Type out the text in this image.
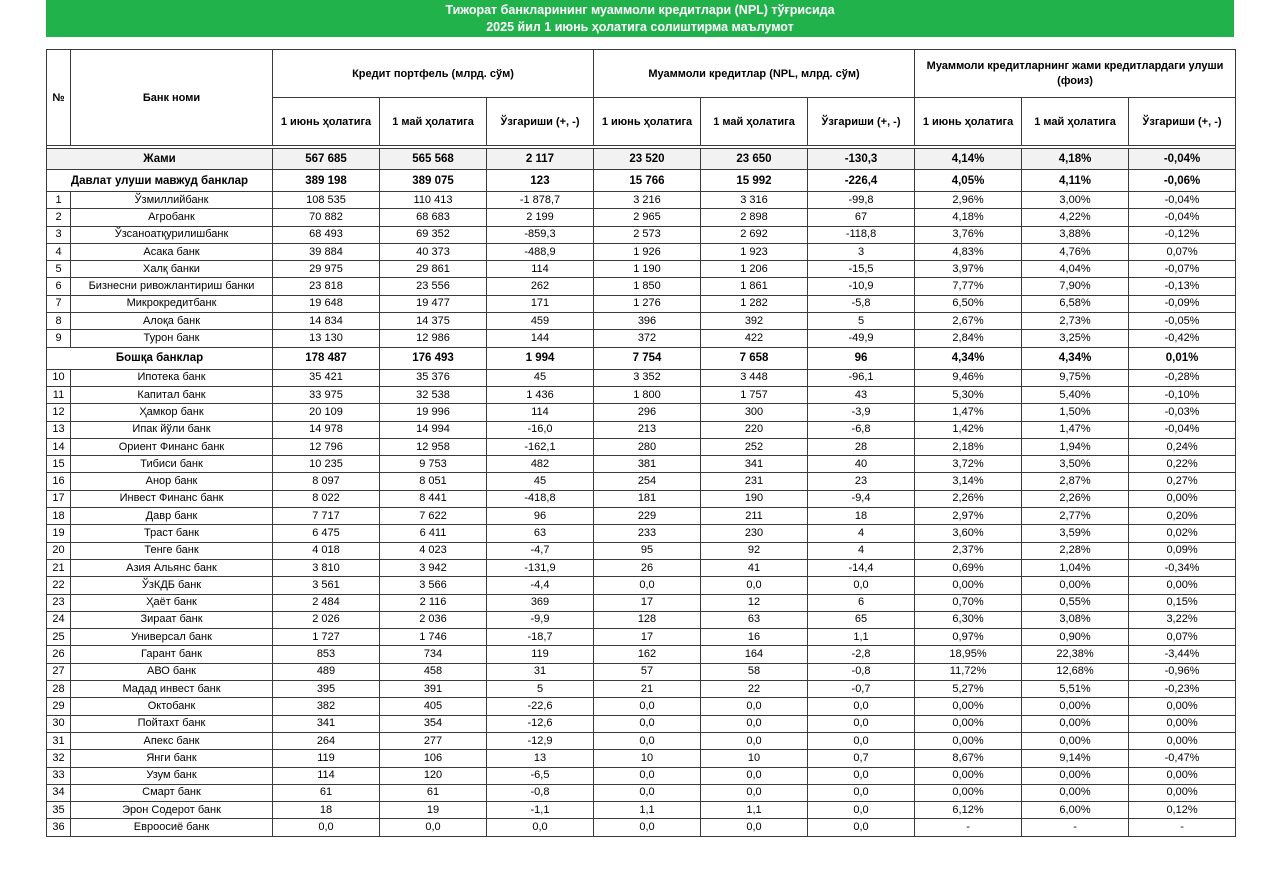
Тижорат банкларининг муаммоли кредитлари (NPL) тўғрисида
2025 йил 1 июнь ҳолатига солиштирма маълумот
№	Банк номи	Кредит портфель (млрд. сўм)			Муаммоли кредитлар (NPL, млрд. сўм)			Муаммоли кредитларнинг жами кредитлардаги улуши (фоиз)		
		1 июнь ҳолатига	1 май ҳолатига	Ўзгариши (+, -)	1 июнь ҳолатига	1 май ҳолатига	Ўзгариши (+, -)	1 июнь ҳолатига	1 май ҳолатига	Ўзгариши (+, -)

Жами		567 685	565 568	2 117	23 520	23 650	-130,3	4,14%	4,18%	-0,04%
Давлат улуши мавжуд банклар		389 198	389 075	123	15 766	15 992	-226,4	4,05%	4,11%	-0,06%
1	Ўзмиллийбанк	108 535	110 413	-1 878,7	3 216	3 316	-99,8	2,96%	3,00%	-0,04%
2	Агробанк	70 882	68 683	2 199	2 965	2 898	67	4,18%	4,22%	-0,04%
3	Ўзсаноатқурилишбанк	68 493	69 352	-859,3	2 573	2 692	-118,8	3,76%	3,88%	-0,12%
4	Асака банк	39 884	40 373	-488,9	1 926	1 923	3	4,83%	4,76%	0,07%
5	Халқ банки	29 975	29 861	114	1 190	1 206	-15,5	3,97%	4,04%	-0,07%
6	Бизнесни ривожлантириш банки	23 818	23 556	262	1 850	1 861	-10,9	7,77%	7,90%	-0,13%
7	Микрокредитбанк	19 648	19 477	171	1 276	1 282	-5,8	6,50%	6,58%	-0,09%
8	Алоқа банк	14 834	14 375	459	396	392	5	2,67%	2,73%	-0,05%
9	Турон банк	13 130	12 986	144	372	422	-49,9	2,84%	3,25%	-0,42%
Бошқа банклар		178 487	176 493	1 994	7 754	7 658	96	4,34%	4,34%	0,01%
10	Ипотека банк	35 421	35 376	45	3 352	3 448	-96,1	9,46%	9,75%	-0,28%
11	Капитал банк	33 975	32 538	1 436	1 800	1 757	43	5,30%	5,40%	-0,10%
12	Ҳамкор банк	20 109	19 996	114	296	300	-3,9	1,47%	1,50%	-0,03%
13	Ипак йўли банк	14 978	14 994	-16,0	213	220	-6,8	1,42%	1,47%	-0,04%
14	Ориент Финанс банк	12 796	12 958	-162,1	280	252	28	2,18%	1,94%	0,24%
15	Тибиси банк	10 235	9 753	482	381	341	40	3,72%	3,50%	0,22%
16	Анор банк	8 097	8 051	45	254	231	23	3,14%	2,87%	0,27%
17	Инвест Финанс банк	8 022	8 441	-418,8	181	190	-9,4	2,26%	2,26%	0,00%
18	Давр банк	7 717	7 622	96	229	211	18	2,97%	2,77%	0,20%
19	Траст банк	6 475	6 411	63	233	230	4	3,60%	3,59%	0,02%
20	Тенге банк	4 018	4 023	-4,7	95	92	4	2,37%	2,28%	0,09%
21	Азия Альянс банк	3 810	3 942	-131,9	26	41	-14,4	0,69%	1,04%	-0,34%
22	ЎзКДБ банк	3 561	3 566	-4,4	0,0	0,0	0,0	0,00%	0,00%	0,00%
23	Ҳаёт банк	2 484	2 116	369	17	12	6	0,70%	0,55%	0,15%
24	Зираат банк	2 026	2 036	-9,9	128	63	65	6,30%	3,08%	3,22%
25	Универсал банк	1 727	1 746	-18,7	17	16	1,1	0,97%	0,90%	0,07%
26	Гарант банк	853	734	119	162	164	-2,8	18,95%	22,38%	-3,44%
27	АВО банк	489	458	31	57	58	-0,8	11,72%	12,68%	-0,96%
28	Мадад инвест банк	395	391	5	21	22	-0,7	5,27%	5,51%	-0,23%
29	Октобанк	382	405	-22,6	0,0	0,0	0,0	0,00%	0,00%	0,00%
30	Пойтахт банк	341	354	-12,6	0,0	0,0	0,0	0,00%	0,00%	0,00%
31	Апекс банк	264	277	-12,9	0,0	0,0	0,0	0,00%	0,00%	0,00%
32	Янги банк	119	106	13	10	10	0,7	8,67%	9,14%	-0,47%
33	Узум банк	114	120	-6,5	0,0	0,0	0,0	0,00%	0,00%	0,00%
34	Смарт банк	61	61	-0,8	0,0	0,0	0,0	0,00%	0,00%	0,00%
35	Эрон Содерот банк	18	19	-1,1	1,1	1,1	0,0	6,12%	6,00%	0,12%
36	Евроосиё банк	0,0	0,0	0,0	0,0	0,0	0,0	-	-	-
